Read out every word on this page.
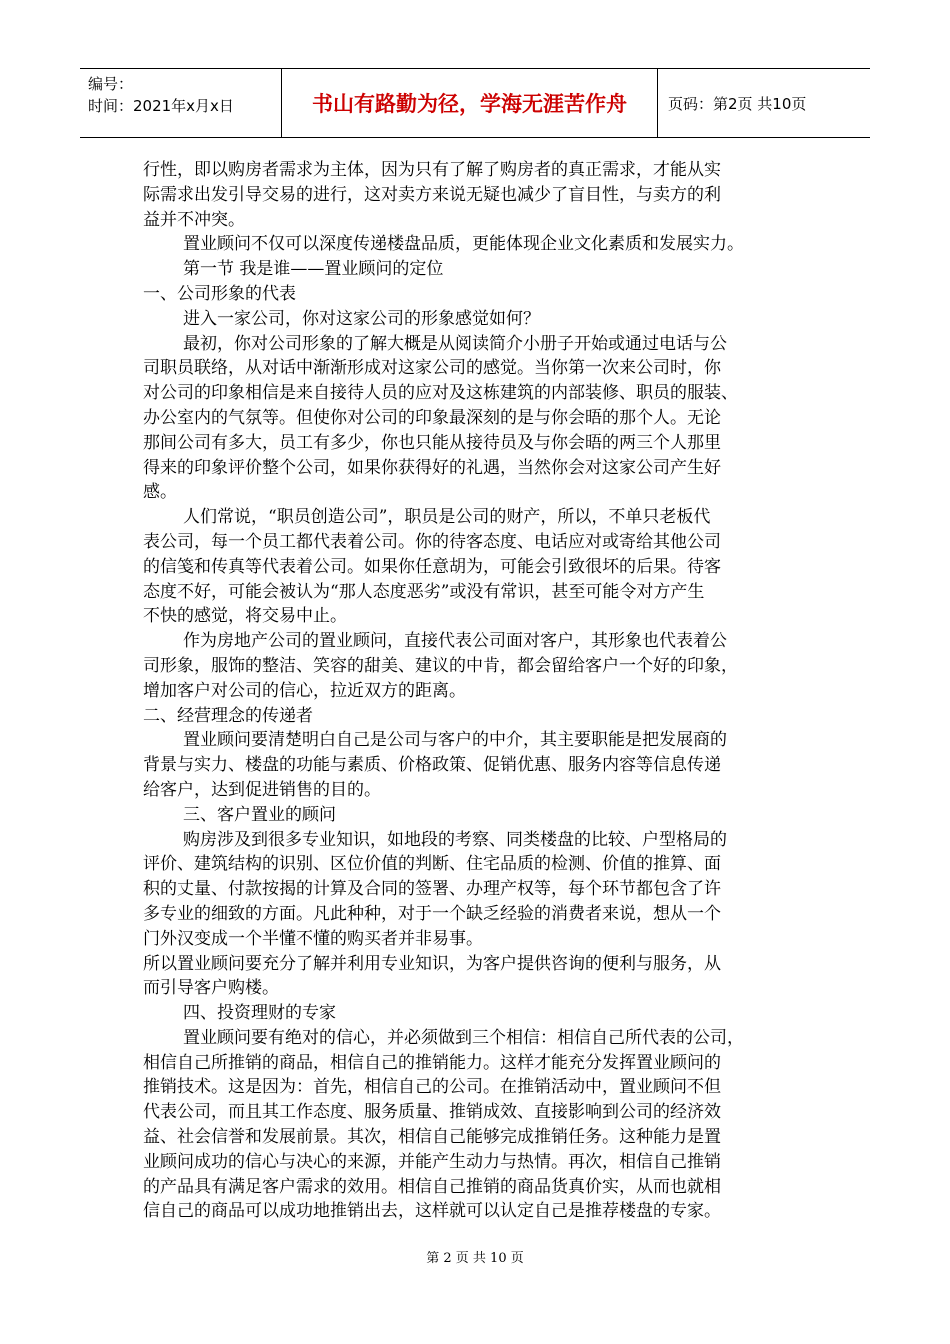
编号：
时间：2021年x月x日	书山有路勤为径，学海无涯苦作舟	页码：第2页 共10页
行性，即以购房者需求为主体，因为只有了解了购房者的真正需求，才能从实
际需求出发引导交易的进行，这对卖方来说无疑也减少了盲目性，与卖方的利
益并不冲突。
置业顾问不仅可以深度传递楼盘品质，更能体现企业文化素质和发展实力。
第一节 我是谁——置业顾问的定位
一、公司形象的代表
进入一家公司，你对这家公司的形象感觉如何？
最初，你对公司形象的了解大概是从阅读简介小册子开始或通过电话与公
司职员联络，从对话中渐渐形成对这家公司的感觉。当你第一次来公司时，你
对公司的印象相信是来自接待人员的应对及这栋建筑的内部装修、职员的服装、
办公室内的气氛等。但使你对公司的印象最深刻的是与你会晤的那个人。无论
那间公司有多大，员工有多少，你也只能从接待员及与你会晤的两三个人那里
得来的印象评价整个公司，如果你获得好的礼遇，当然你会对这家公司产生好
感。
人们常说，“职员创造公司”，职员是公司的财产，所以，不单只老板代
表公司，每一个员工都代表着公司。你的待客态度、电话应对或寄给其他公司
的信笺和传真等代表着公司。如果你任意胡为，可能会引致很坏的后果。待客
态度不好，可能会被认为“那人态度恶劣”或没有常识，甚至可能令对方产生
不快的感觉，将交易中止。
作为房地产公司的置业顾问，直接代表公司面对客户，其形象也代表着公
司形象，服饰的整洁、笑容的甜美、建议的中肯，都会留给客户一个好的印象，
增加客户对公司的信心，拉近双方的距离。
二、经营理念的传递者
置业顾问要清楚明白自己是公司与客户的中介，其主要职能是把发展商的
背景与实力、楼盘的功能与素质、价格政策、促销优惠、服务内容等信息传递
给客户，达到促进销售的目的。
三、客户置业的顾问
购房涉及到很多专业知识，如地段的考察、同类楼盘的比较、户型格局的
评价、建筑结构的识别、区位价值的判断、住宅品质的检测、价值的推算、面
积的丈量、付款按揭的计算及合同的签署、办理产权等，每个环节都包含了许
多专业的细致的方面。凡此种种，对于一个缺乏经验的消费者来说，想从一个
门外汉变成一个半懂不懂的购买者并非易事。
所以置业顾问要充分了解并利用专业知识，为客户提供咨询的便利与服务，从
而引导客户购楼。
四、投资理财的专家
置业顾问要有绝对的信心，并必须做到三个相信：相信自己所代表的公司，
相信自己所推销的商品，相信自己的推销能力。这样才能充分发挥置业顾问的
推销技术。这是因为：首先，相信自己的公司。在推销活动中，置业顾问不但
代表公司，而且其工作态度、服务质量、推销成效、直接影响到公司的经济效
益、社会信誉和发展前景。其次，相信自己能够完成推销任务。这种能力是置
业顾问成功的信心与决心的来源，并能产生动力与热情。再次，相信自己推销
的产品具有满足客户需求的效用。相信自己推销的商品货真价实，从而也就相
信自己的商品可以成功地推销出去，这样就可以认定自己是推荐楼盘的专家。
第 2 页 共 10 页
